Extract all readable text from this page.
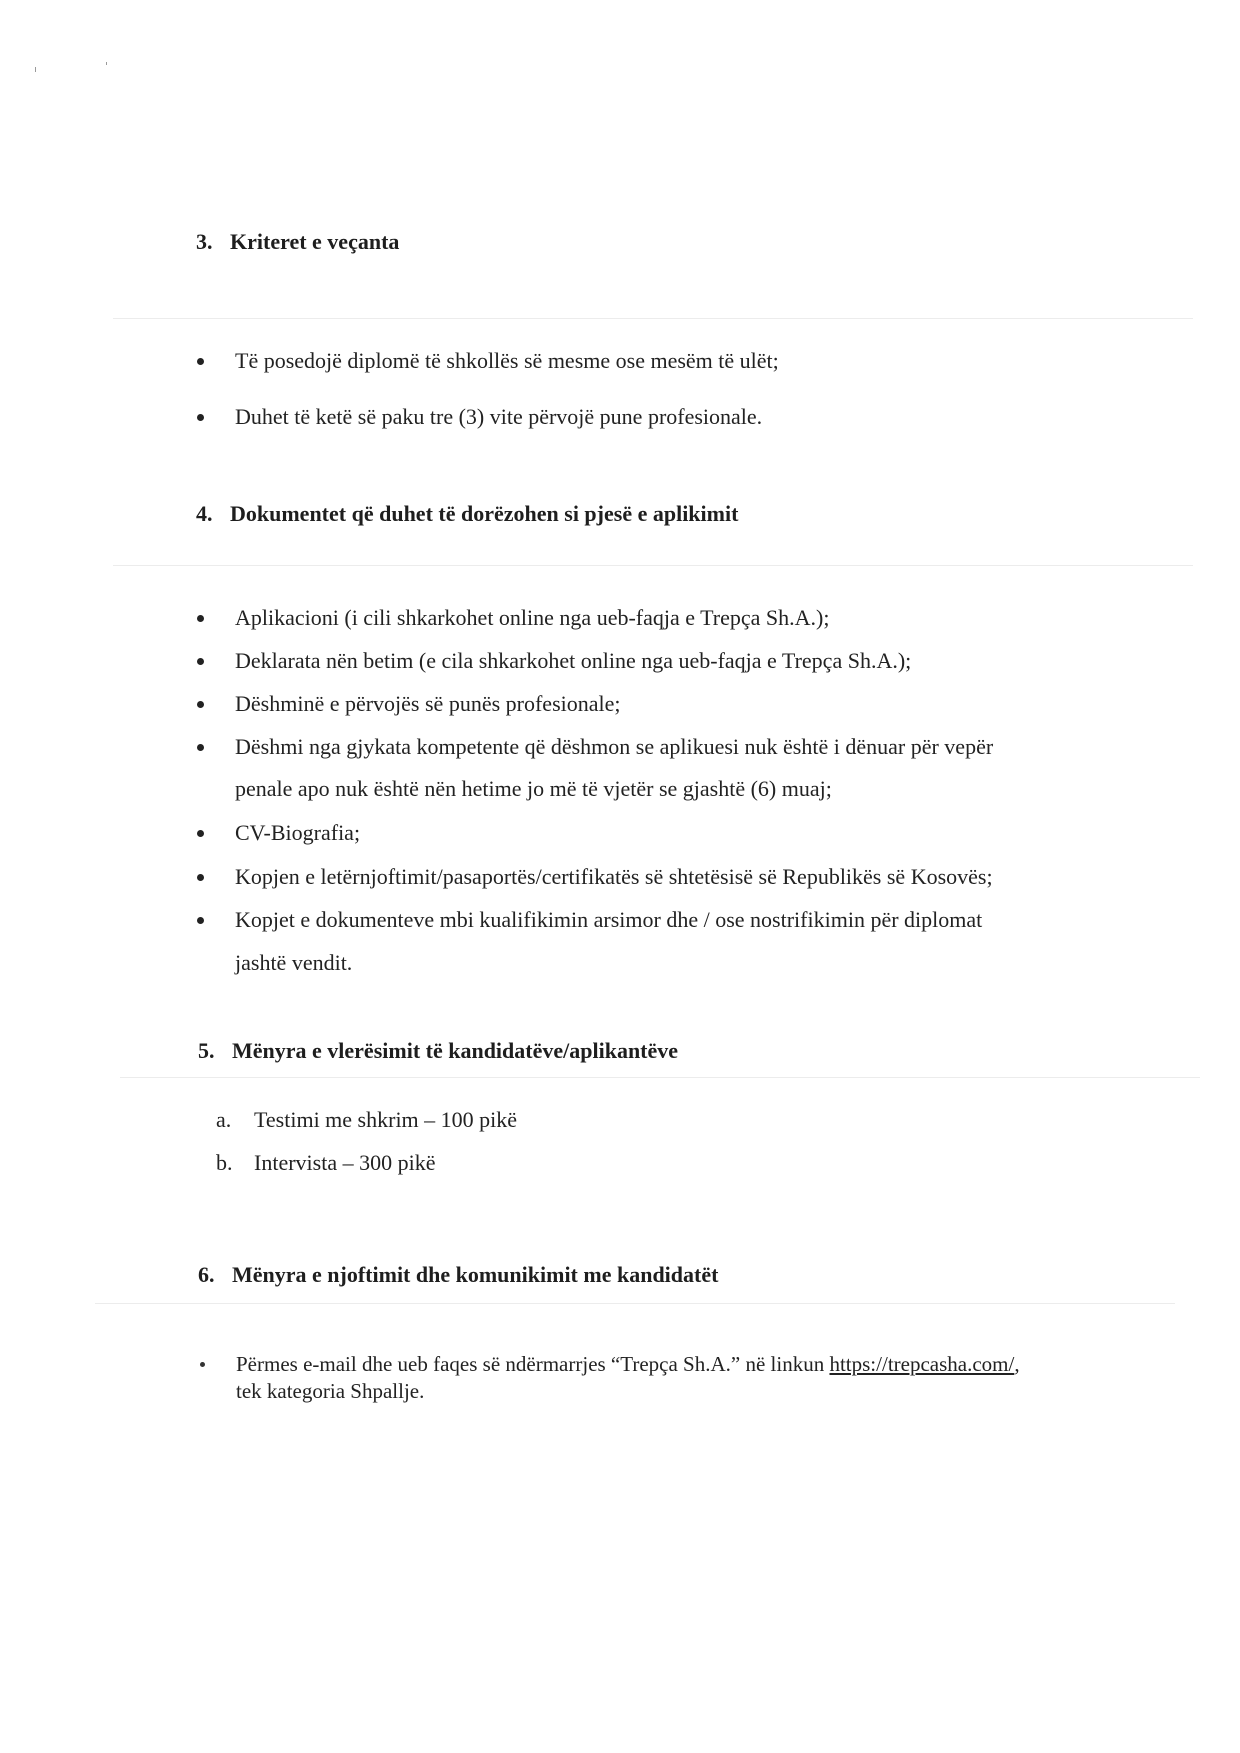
3. Kriteret e veçanta
Të posedojë diplomë të shkollës së mesme ose mesëm të ulët;
Duhet të ketë së paku tre (3) vite përvojë pune profesionale.
4. Dokumentet që duhet të dorëzohen si pjesë e aplikimit
Aplikacioni (i cili shkarkohet online nga ueb-faqja e Trepça Sh.A.);
Deklarata nën betim (e cila shkarkohet online nga ueb-faqja e Trepça Sh.A.);
Dëshminë e përvojës së punës profesionale;
Dëshmi nga gjykata kompetente që dëshmon se aplikuesi nuk është i dënuar për vepër
penale apo nuk është nën hetime jo më të vjetër se gjashtë (6) muaj;
CV-Biografia;
Kopjen e letërnjoftimit/pasaportës/certifikatës së shtetësisë së Republikës së Kosovës;
Kopjet e dokumenteve mbi kualifikimin arsimor dhe / ose nostrifikimin për diplomat
jashtë vendit.
5. Mënyra e vlerësimit të kandidatëve/aplikantëve
a. Testimi me shkrim – 100 pikë
b. Intervista – 300 pikë
6. Mënyra e njoftimit dhe komunikimit me kandidatët
Përmes e-mail dhe ueb faqes së ndërmarrjes “Trepça Sh.A.” në linkun https://trepcasha.com/,
tek kategoria Shpallje.
